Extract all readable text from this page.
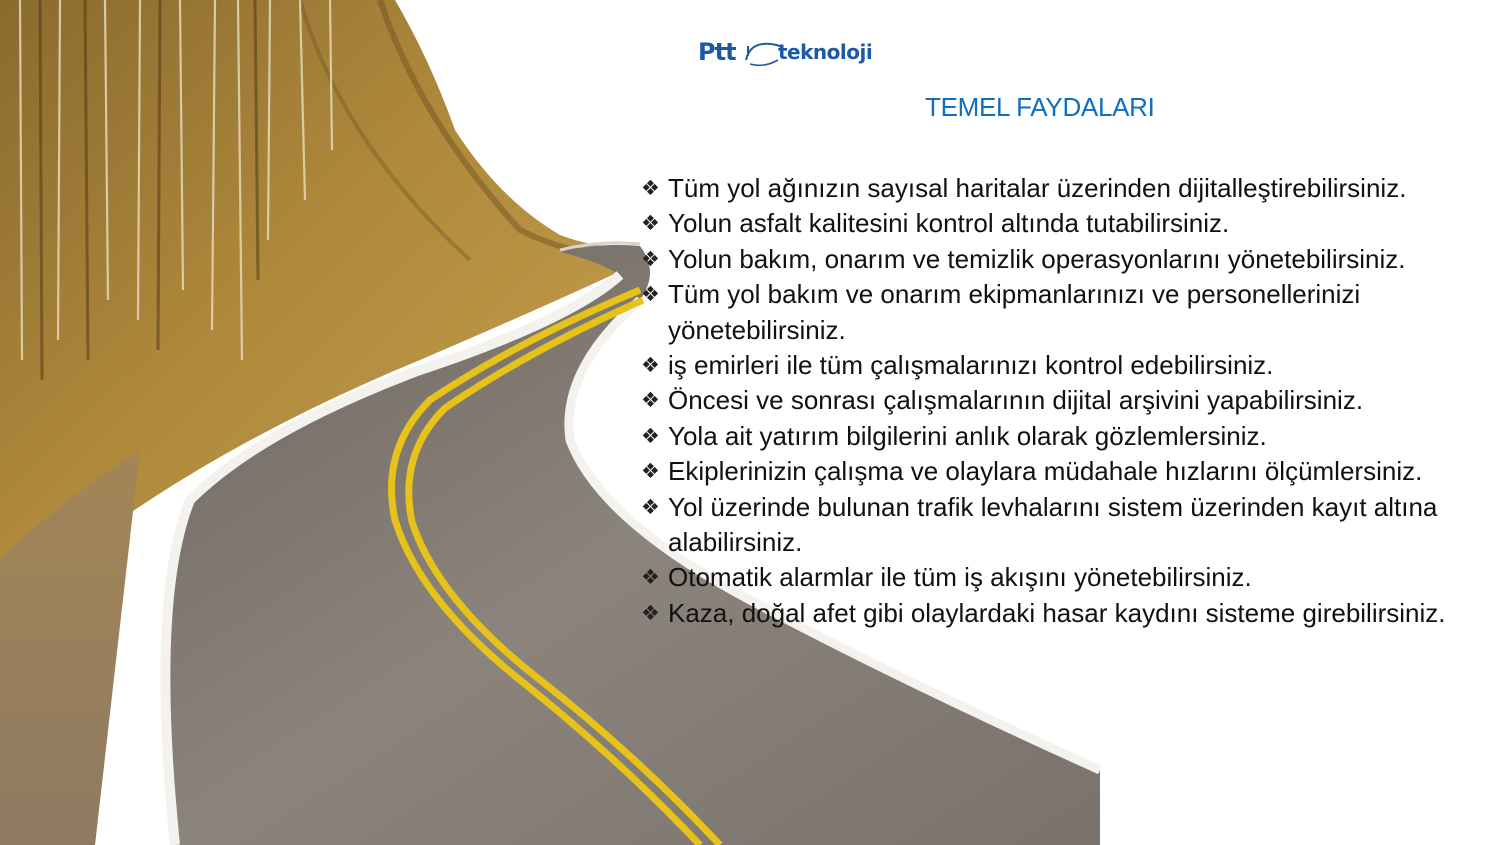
Ptt teknoloji
TEMEL FAYDALARI
❖ Tüm yol ağınızın sayısal haritalar üzerinden dijitalleştirebilirsiniz.
❖ Yolun asfalt kalitesini kontrol altında tutabilirsiniz.
❖ Yolun bakım, onarım ve temizlik operasyonlarını yönetebilirsiniz.
❖ Tüm yol bakım ve onarım ekipmanlarınızı ve personellerinizi yönetebilirsiniz.
❖ iş emirleri ile tüm çalışmalarınızı kontrol edebilirsiniz.
❖ Öncesi ve sonrası çalışmalarının dijital arşivini yapabilirsiniz.
❖ Yola ait yatırım bilgilerini anlık olarak gözlemlersiniz.
❖ Ekiplerinizin çalışma ve olaylara müdahale hızlarını ölçümlersiniz.
❖ Yol üzerinde bulunan trafik levhalarını sistem üzerinden kayıt altına alabilirsiniz.
❖ Otomatik alarmlar ile tüm iş akışını yönetebilirsiniz.
❖ Kaza, doğal afet gibi olaylardaki hasar kaydını sisteme girebilirsiniz.
